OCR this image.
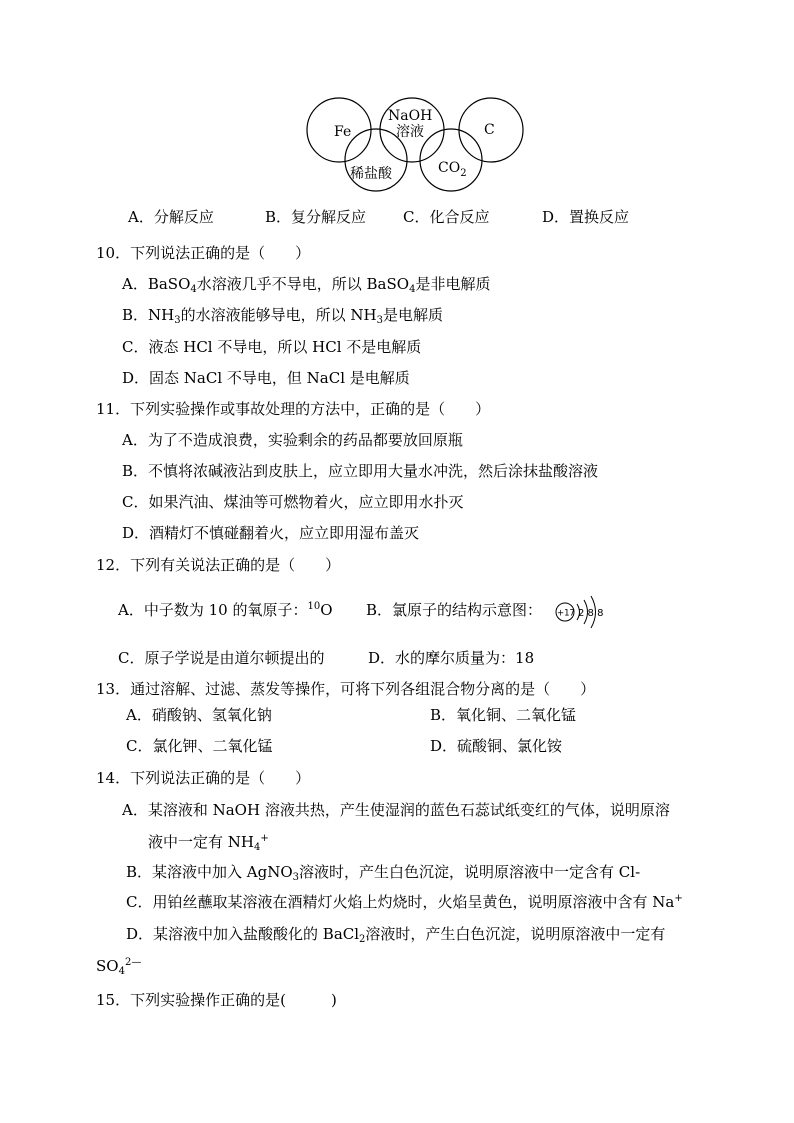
Fe
NaOH
溶液	C
稀盐酸	$CO_2$
A．分解反应	B．复分解反应 C．化合反应	D．置换反应
10．下列说法正确的是（　　）
A．BaSO$_4$水溶液几乎不导电，所以 BaSO$_4$是非电解质
B．$NH_3$的水溶液能够导电，所以 $NH_3$是电解质
C．液态 HCl 不导电，所以 HCl 不是电解质
D．固态 NaCl 不导电，但 NaCl 是电解质
11．下列实验操作或事故处理的方法中，正确的是（　　）
A．为了不造成浪费，实验剩余的药品都要放回原瓶
B．不慎将浓碱液沾到皮肤上，应立即用大量水冲洗，然后涂抹盐酸溶液
C．如果汽油、煤油等可燃物着火，应立即用水扑灭
D．酒精灯不慎碰翻着火，应立即用湿布盖灭
12．下列有关说法正确的是（　　）
A．中子数为 10 的氧原子：$^{10}$O B．氯原子的结构示意图： +17 2 8 8
C．原子学说是由道尔顿提出的	D．水的摩尔质量为：18
13．通过溶解、过滤、蒸发等操作，可将下列各组混合物分离的是（　　）
A．硝酸钠、氢氧化钠	B．氧化铜、二氧化锰
C．氯化钾、二氧化锰	D．硫酸铜、氯化铵
14．下列说法正确的是（　　）
A．某溶液和 NaOH 溶液共热，产生使湿润的蓝色石蕊试纸变红的气体，说明原溶
液中一定有 $NH_4^+$
B．某溶液中加入 AgNO$_3$溶液时，产生白色沉淀，说明原溶液中一定含有 Cl-
C．用铂丝蘸取某溶液在酒精灯火焰上灼烧时，火焰呈黄色，说明原溶液中含有 Na+
D．某溶液中加入盐酸酸化的 BaCl$_2$溶液时，产生白色沉淀，说明原溶液中一定有
$SO_4^{2—}$
15．下列实验操作正确的是(　　　)
